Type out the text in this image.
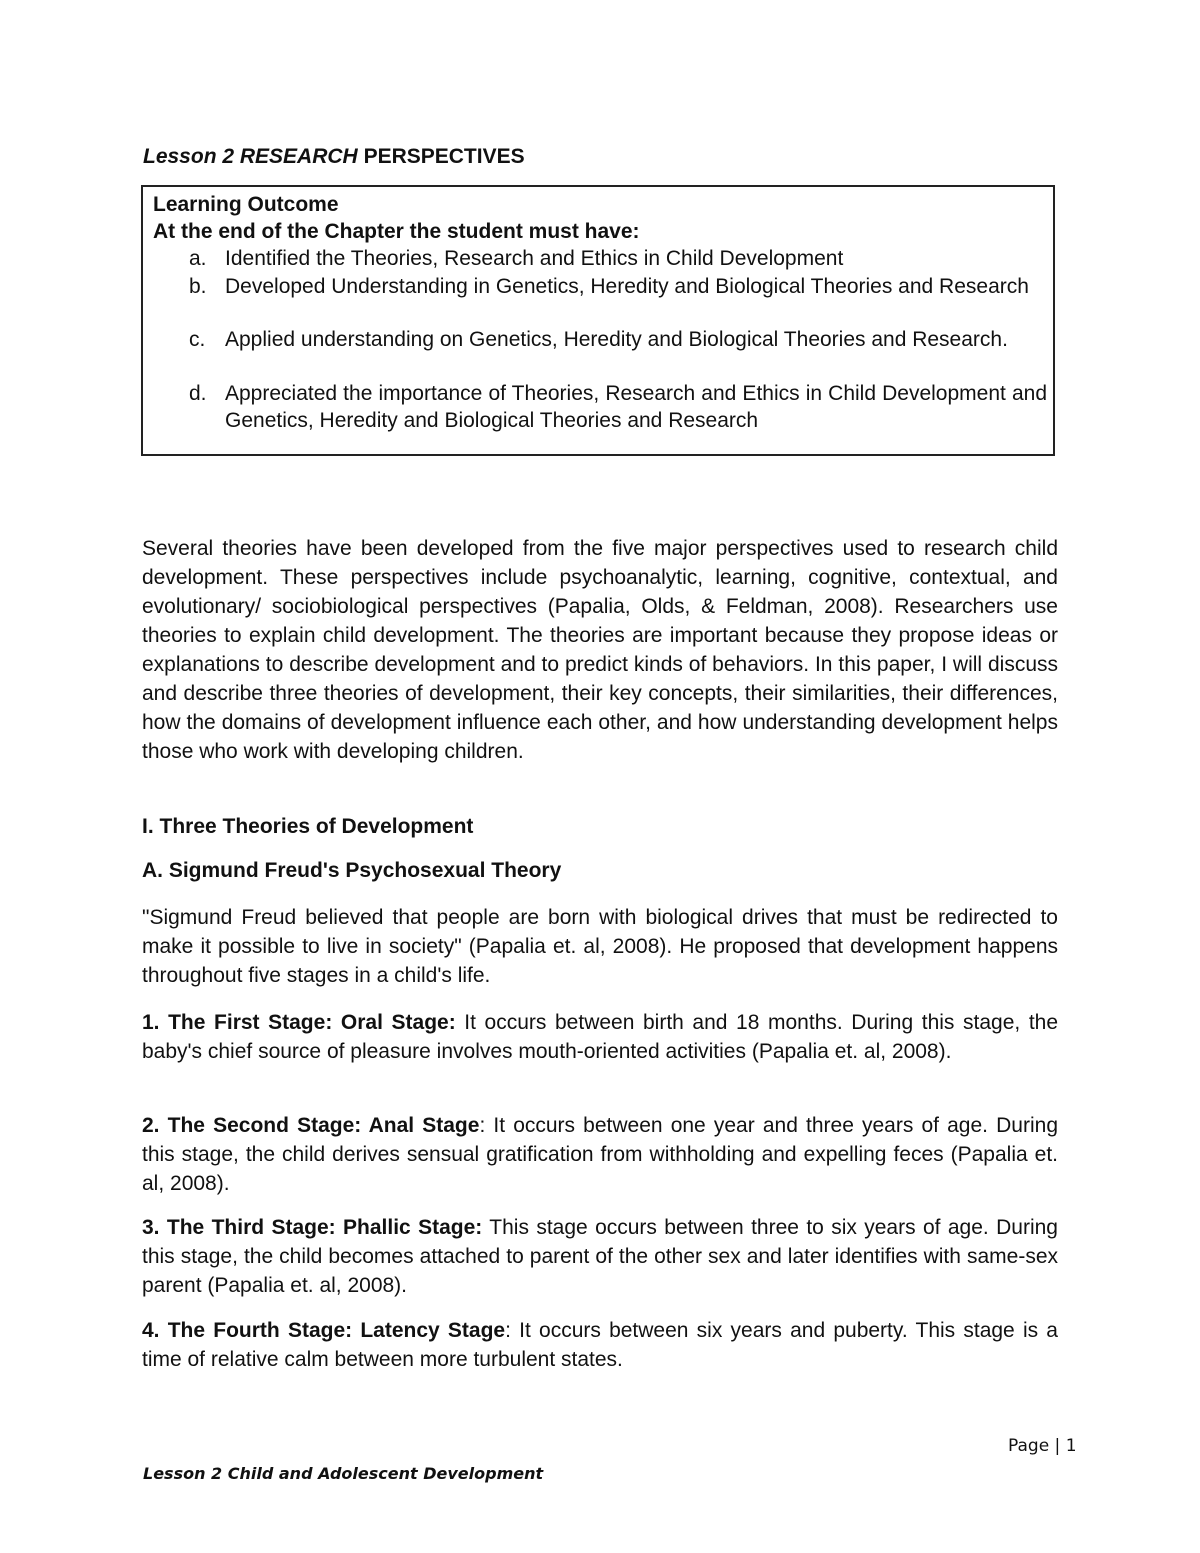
Lesson 2 RESEARCH PERSPECTIVES
Learning Outcome
At the end of the Chapter the student must have:
a. Identified the Theories, Research and Ethics in Child Development
b. Developed Understanding in Genetics, Heredity and Biological Theories and Research
c. Applied understanding on Genetics, Heredity and Biological Theories and Research.
d. Appreciated the importance of Theories, Research and Ethics in Child Development and Genetics, Heredity and Biological Theories and Research

Several theories have been developed from the five major perspectives used to research child development. These perspectives include psychoanalytic, learning, cognitive, contextual, and evolutionary/ sociobiological perspectives (Papalia, Olds, & Feldman, 2008). Researchers use theories to explain child development. The theories are important because they propose ideas or explanations to describe development and to predict kinds of behaviors. In this paper, I will discuss and describe three theories of development, their key concepts, their similarities, their differences, how the domains of development influence each other, and how understanding development helps those who work with developing children.

I. Three Theories of Development
A. Sigmund Freud's Psychosexual Theory

"Sigmund Freud believed that people are born with biological drives that must be redirected to make it possible to live in society" (Papalia et. al, 2008). He proposed that development happens throughout five stages in a child's life.

1. The First Stage: Oral Stage: It occurs between birth and 18 months. During this stage, the baby's chief source of pleasure involves mouth-oriented activities (Papalia et. al, 2008).

2. The Second Stage: Anal Stage: It occurs between one year and three years of age. During this stage, the child derives sensual gratification from withholding and expelling feces (Papalia et. al, 2008).

3. The Third Stage: Phallic Stage: This stage occurs between three to six years of age. During this stage, the child becomes attached to parent of the other sex and later identifies with same-sex parent (Papalia et. al, 2008).

4. The Fourth Stage: Latency Stage: It occurs between six years and puberty. This stage is a time of relative calm between more turbulent states.

Page | 1
Lesson 2 Child and Adolescent Development
